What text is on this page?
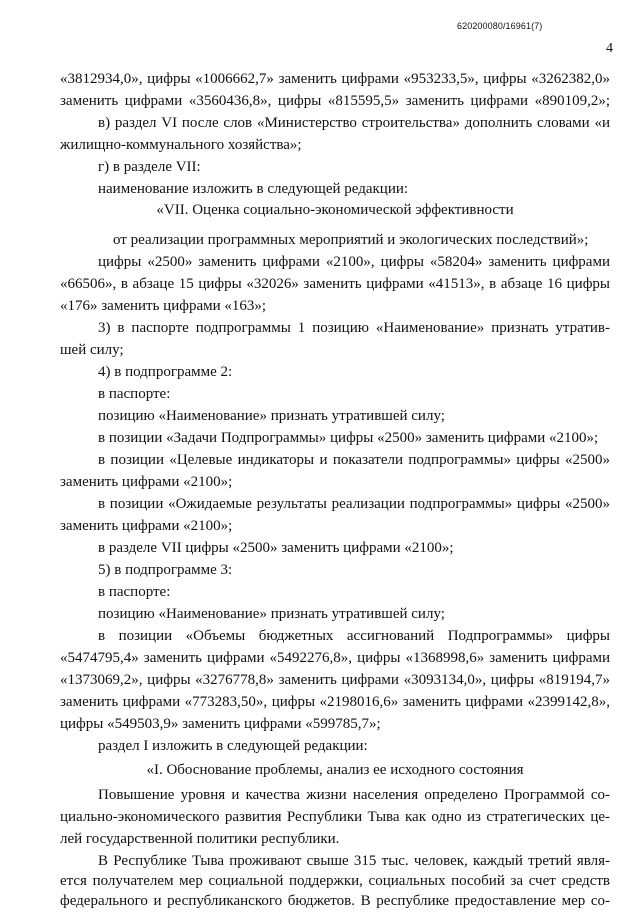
620200080/16961(7)
4
«3812934,0», цифры «1006662,7» заменить цифрами «953233,5», цифры «3262382,0»
заменить цифрами «3560436,8», цифры «815595,5» заменить цифрами «890109,2»;
в) раздел VI после слов «Министерство строительства» дополнить словами «и
жилищно-коммунального хозяйства»;
г) в разделе VII:
наименование изложить в следующей редакции:
«VII. Оценка социально-экономической эффективности
от реализации программных мероприятий и экологических последствий»;
цифры «2500» заменить цифрами «2100», цифры «58204» заменить цифрами
«66506», в абзаце 15 цифры «32026» заменить цифрами «41513», в абзаце 16 цифры
«176» заменить цифрами «163»;
3) в паспорте подпрограммы 1 позицию «Наименование» признать утратив-
шей силу;
4) в подпрограмме 2:
в паспорте:
позицию «Наименование» признать утратившей силу;
в позиции «Задачи Подпрограммы» цифры «2500» заменить цифрами «2100»;
в позиции «Целевые индикаторы и показатели подпрограммы» цифры «2500»
заменить цифрами «2100»;
в позиции «Ожидаемые результаты реализации подпрограммы» цифры «2500»
заменить цифрами «2100»;
в разделе VII цифры «2500» заменить цифрами «2100»;
5) в подпрограмме 3:
в паспорте:
позицию «Наименование» признать утратившей силу;
в позиции «Объемы бюджетных ассигнований Подпрограммы» цифры
«5474795,4» заменить цифрами «5492276,8», цифры «1368998,6» заменить цифрами
«1373069,2», цифры «3276778,8» заменить цифрами «3093134,0», цифры «819194,7»
заменить цифрами «773283,50», цифры «2198016,6» заменить цифрами «2399142,8»,
цифры «549503,9» заменить цифрами «599785,7»;
раздел I изложить в следующей редакции:
«I. Обоснование проблемы, анализ ее исходного состояния
Повышение уровня и качества жизни населения определено Программой со-
циально-экономического развития Республики Тыва как одно из стратегических це-
лей государственной политики республики.
В Республике Тыва проживают свыше 315 тыс. человек, каждый третий явля-
ется получателем мер социальной поддержки, социальных пособий за счет средств
федерального и республиканского бюджетов. В республике предоставление мер со-
